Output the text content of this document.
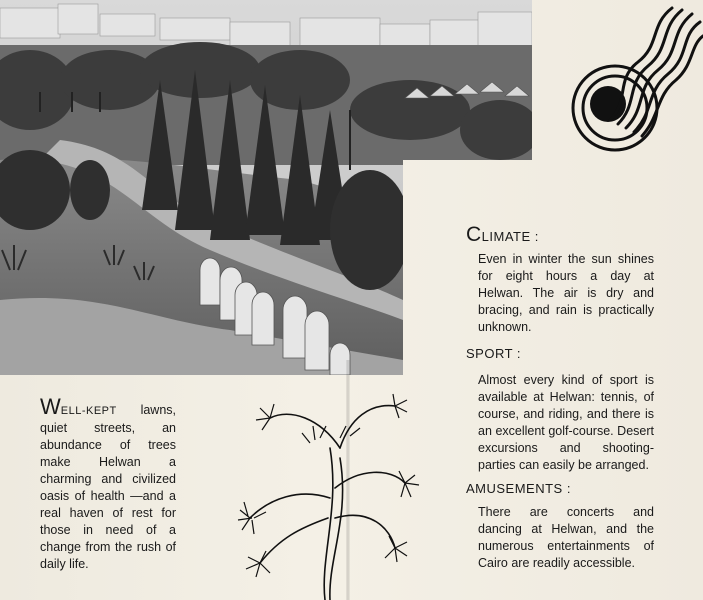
CLIMATE :
Even in winter the sun shines for eight hours a day at Helwan. The air is dry and bracing, and rain is practically unknown.
SPORT :
Almost every kind of sport is available at Helwan: tennis, of course, and riding, and there is an excellent golf-course. Desert excursions and shooting-parties can easily be arranged.
AMUSEMENTS :
There are concerts and dancing at Helwan, and the numerous entertainments of Cairo are readily accessible.
WELL-KEPT lawns, quiet streets, an abundance of trees make Helwan a charming and civilized oasis of health —and a real haven of rest for those in need of a change from the rush of daily life.
